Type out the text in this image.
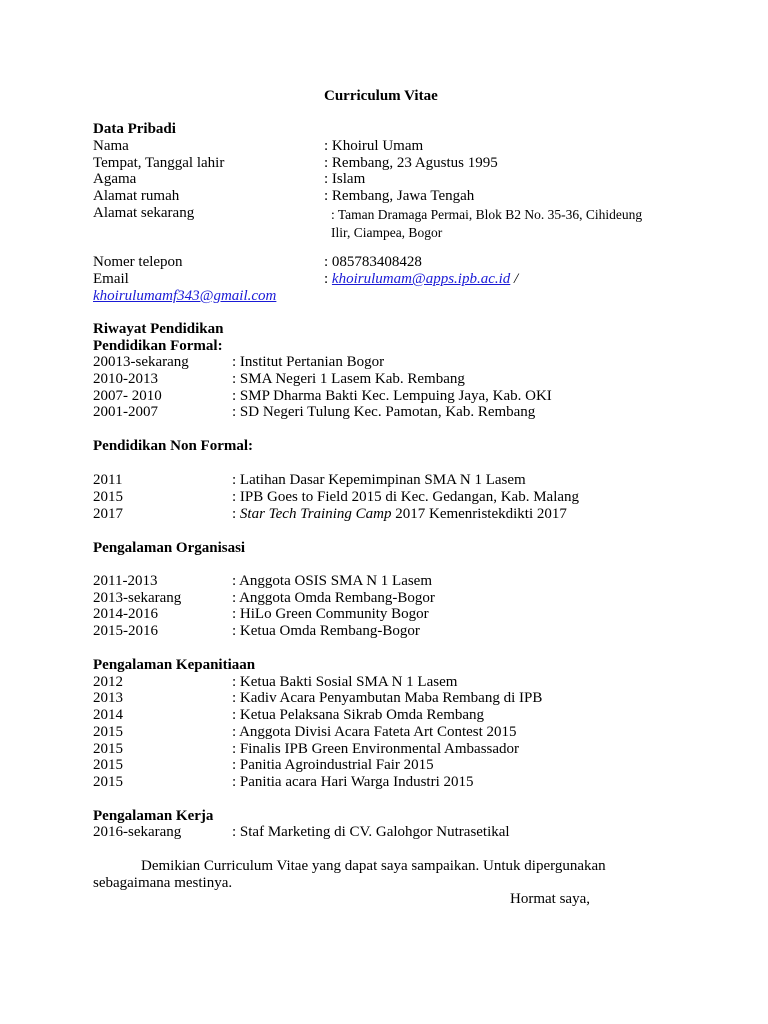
Curriculum Vitae
Data Pribadi
Nama	: Khoirul Umam
Tempat, Tanggal lahir	: Rembang, 23 Agustus 1995
Agama	: Islam
Alamat rumah	: Rembang, Jawa Tengah
Alamat sekarang	: Taman Dramaga Permai, Blok B2 No. 35-36, Cihideung
Ilir, Ciampea, Bogor
Nomer telepon	: 085783408428
Email	: khoirulumam@apps.ipb.ac.id /
khoirulumamf343@gmail.com
Riwayat Pendidikan
Pendidikan Formal:
20013-sekarang	: Institut Pertanian Bogor
2010-2013	: SMA Negeri 1 Lasem Kab. Rembang
2007- 2010	: SMP Dharma Bakti Kec. Lempuing Jaya, Kab. OKI
2001-2007	: SD Negeri Tulung Kec. Pamotan, Kab. Rembang
Pendidikan Non Formal:
2011	: Latihan Dasar Kepemimpinan SMA N 1 Lasem
2015	: IPB Goes to Field 2015 di Kec. Gedangan, Kab. Malang
2017	: Star Tech Training Camp 2017 Kemenristekdikti 2017
Pengalaman Organisasi
2011-2013	: Anggota OSIS SMA N 1 Lasem
2013-sekarang	: Anggota Omda Rembang-Bogor
2014-2016	: HiLo Green Community Bogor
2015-2016	: Ketua Omda Rembang-Bogor
Pengalaman Kepanitiaan
2012	: Ketua Bakti Sosial SMA N 1 Lasem
2013	: Kadiv Acara Penyambutan Maba Rembang di IPB
2014	: Ketua Pelaksana Sikrab Omda Rembang
2015	: Anggota Divisi Acara Fateta Art Contest 2015
2015	: Finalis IPB Green Environmental Ambassador
2015	: Panitia Agroindustrial Fair 2015
2015	: Panitia acara Hari Warga Industri 2015
Pengalaman Kerja
2016-sekarang	: Staf Marketing di CV. Galohgor Nutrasetikal
Demikian Curriculum Vitae yang dapat saya sampaikan. Untuk dipergunakan
sebagaimana mestinya.
Hormat saya,
